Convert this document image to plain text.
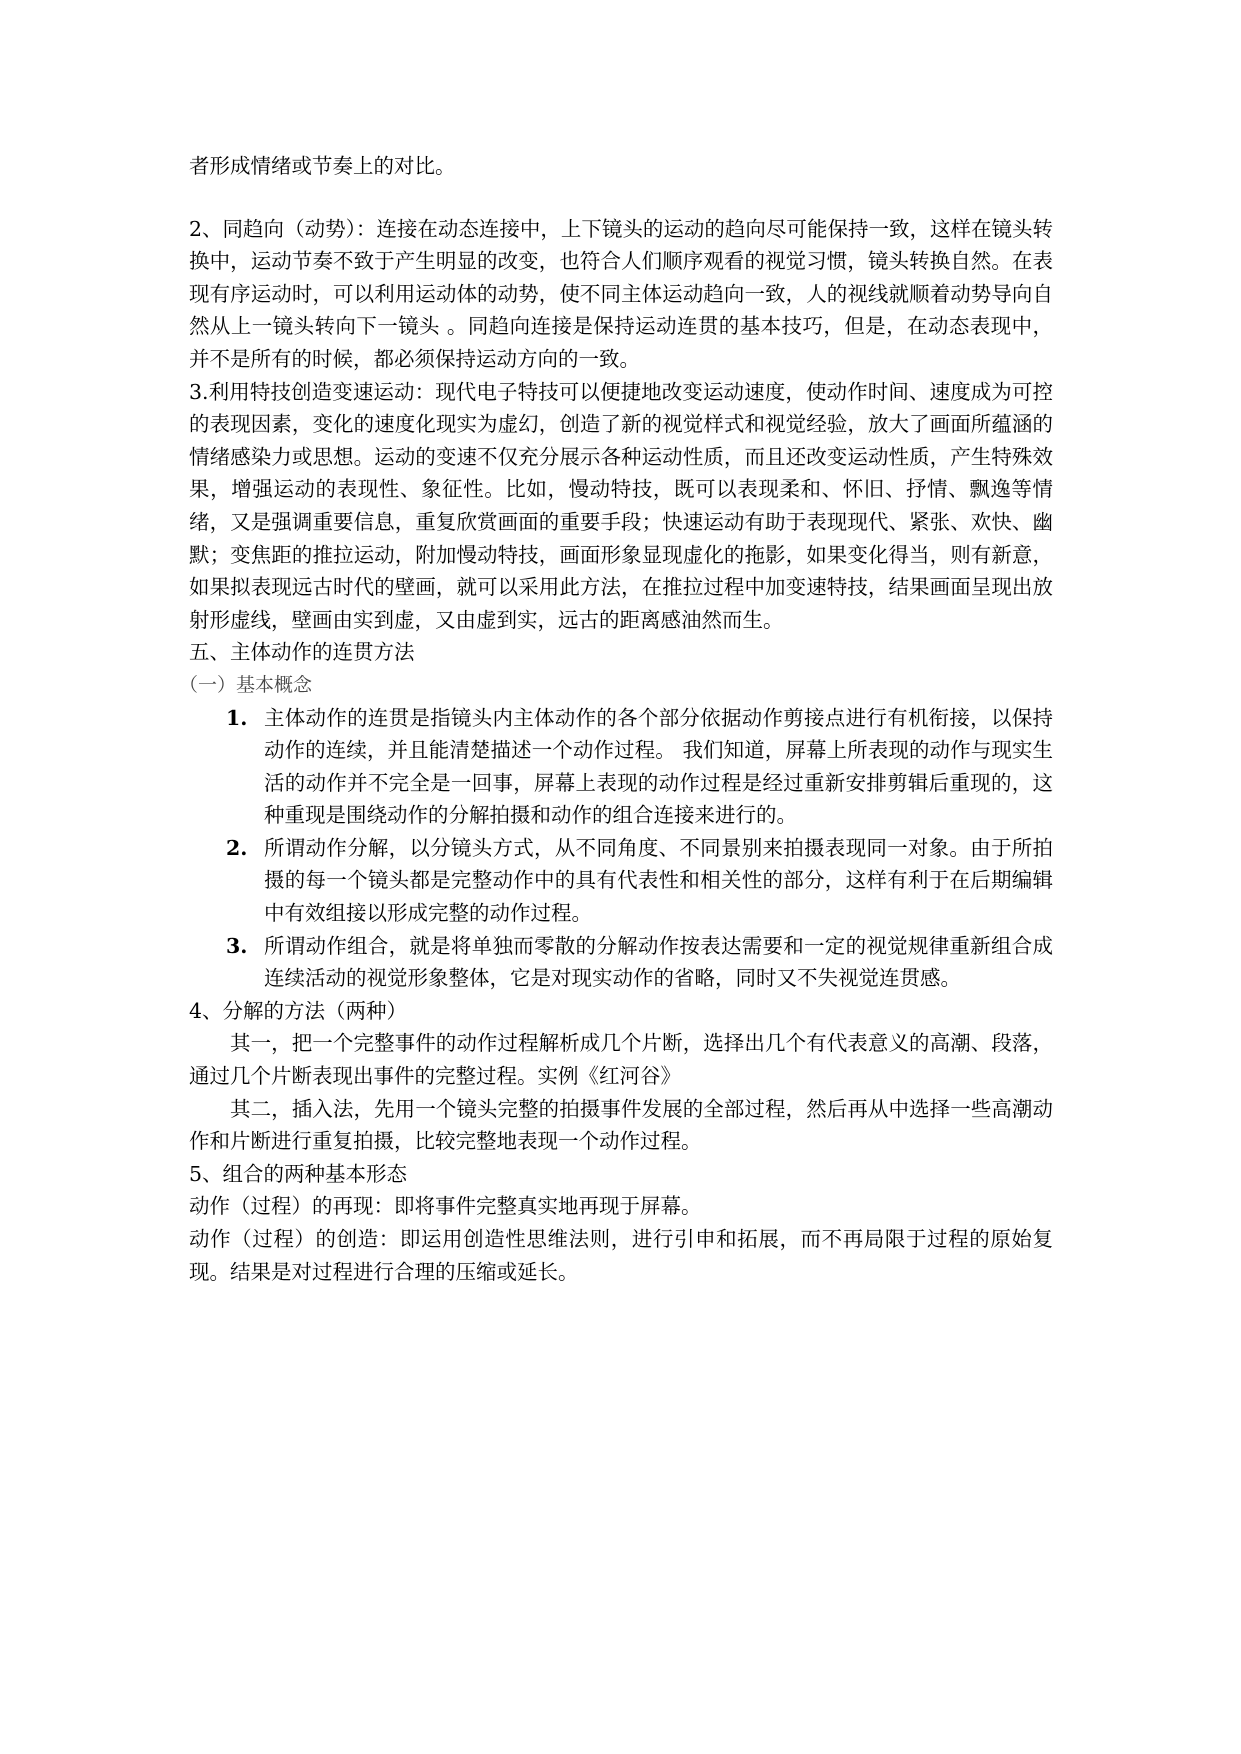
者形成情绪或节奏上的对比。

2、同趋向（动势）：连接在动态连接中，上下镜头的运动的趋向尽可能保持一致，这样在镜头转换中，运动节奏不致于产生明显的改变，也符合人们顺序观看的视觉习惯，镜头转换自然。在表现有序运动时，可以利用运动体的动势，使不同主体运动趋向一致，人的视线就顺着动势导向自然从上一镜头转向下一镜头 。同趋向连接是保持运动连贯的基本技巧，但是，在动态表现中，并不是所有的时候，都必须保持运动方向的一致。

3.利用特技创造变速运动：现代电子特技可以便捷地改变运动速度，使动作时间、速度成为可控的表现因素，变化的速度化现实为虚幻，创造了新的视觉样式和视觉经验，放大了画面所蕴涵的情绪感染力或思想。运动的变速不仅充分展示各种运动性质，而且还改变运动性质，产生特殊效果，增强运动的表现性、象征性。比如，慢动特技，既可以表现柔和、怀旧、抒情、飘逸等情绪，又是强调重要信息，重复欣赏画面的重要手段；快速运动有助于表现现代、紧张、欢快、幽默；变焦距的推拉运动，附加慢动特技，画面形象显现虚化的拖影，如果变化得当，则有新意，如果拟表现远古时代的壁画，就可以采用此方法，在推拉过程中加变速特技，结果画面呈现出放射形虚线，壁画由实到虚，又由虚到实，远古的距离感油然而生。

五、主体动作的连贯方法

（一）基本概念

1. 主体动作的连贯是指镜头内主体动作的各个部分依据动作剪接点进行有机衔接，以保持动作的连续，并且能清楚描述一个动作过程。 我们知道，屏幕上所表现的动作与现实生活的动作并不完全是一回事，屏幕上表现的动作过程是经过重新安排剪辑后重现的，这种重现是围绕动作的分解拍摄和动作的组合连接来进行的。
2. 所谓动作分解，以分镜头方式，从不同角度、不同景别来拍摄表现同一对象。由于所拍摄的每一个镜头都是完整动作中的具有代表性和相关性的部分，这样有利于在后期编辑中有效组接以形成完整的动作过程。
3. 所谓动作组合，就是将单独而零散的分解动作按表达需要和一定的视觉规律重新组合成连续活动的视觉形象整体，它是对现实动作的省略，同时又不失视觉连贯感。

4、分解的方法（两种）

其一，把一个完整事件的动作过程解析成几个片断，选择出几个有代表意义的高潮、段落，通过几个片断表现出事件的完整过程。实例《红河谷》

其二，插入法，先用一个镜头完整的拍摄事件发展的全部过程，然后再从中选择一些高潮动作和片断进行重复拍摄，比较完整地表现一个动作过程。

5、组合的两种基本形态

动作（过程）的再现：即将事件完整真实地再现于屏幕。

动作（过程）的创造：即运用创造性思维法则，进行引申和拓展，而不再局限于过程的原始复现。结果是对过程进行合理的压缩或延长。
